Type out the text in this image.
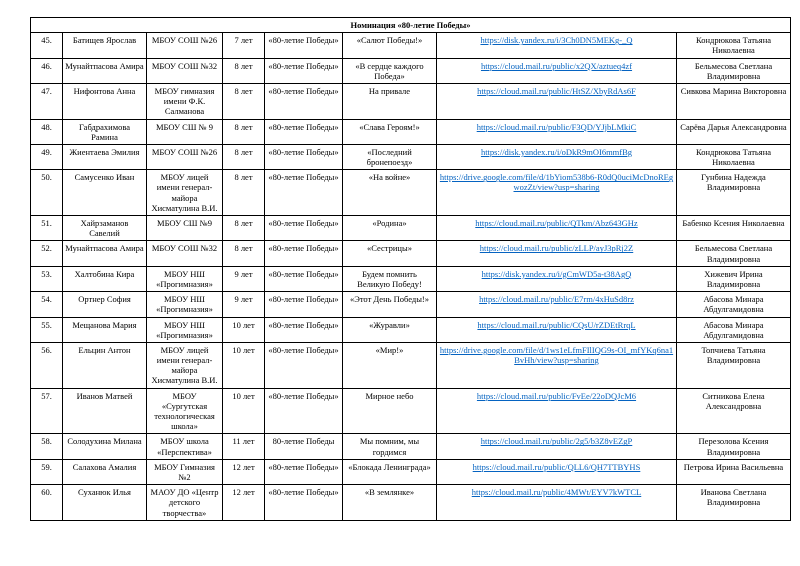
Номинация «80-летие Победы»							
45.	Батищев Ярослав	МБОУ СОШ №26	7 лет	«80-летие Победы»	«Салют Победы!»	https://disk.yandex.ru/i/3Ch0DN5MEKg-_Q	Кондрюкова Татьяна Николаевна
46.	Мунайтпасова Амира	МБОУ СОШ №32	8 лет	«80-летие Победы»	«В сердце каждого Победа»	https://cloud.mail.ru/public/x2QX/aztueq4zf	Бельмесова Светлана Владимировна
47.	Нифонтова Анна	МБОУ гимназия имени Ф.К. Салманова	8 лет	«80-летие Победы»	На привале	https://cloud.mail.ru/public/HtSZ/XbyRdAs6F	Сивкова Марина Викторовна
48.	Габдрахимова Рамина	МБОУ СШ № 9	8 лет	«80-летие Победы»	«Слава Героям!»	https://cloud.mail.ru/public/F3QD/YJjbLMkiC	Сарёва Дарья Александровна
49.	Жиентаева Эмилия	МБОУ СОШ №26	8 лет	«80-летие Победы»	«Последний бронепоезд»	https://disk.yandex.ru/i/oDkR9mOI6mmfBg	Кондрюкова Татьяна Николаевна
50.	Самусенко Иван	МБОУ лицей имени генерал-майора Хисматулина В.И.	8 лет	«80-летие Победы»	«На войне»	https://drive.google.com/file/d/1bYiom538b6-R0dQ0uciMcDnoREgwozZt/view?usp=sharing	Гунбина Надежда Владимировна
51.	Хайрзаманов Савелий	МБОУ СШ №9	8 лет	«80-летие Победы»	«Родина»	https://cloud.mail.ru/public/QTkm/Abz643GHz	Бабенко Ксения Николаевна
52.	Мунайтпасова Амира	МБОУ СОШ №32	8 лет	«80-летие Победы»	«Сестрицы»	https://cloud.mail.ru/public/zLLP/ayJ3pRj2Z	Бельмесова Светлана Владимировна
53.	Халтобина Кира	МБОУ НШ «Прогимназия»	9 лет	«80-летие Победы»	Будем помнить Великую Победу!	https://disk.yandex.ru/i/gCmWD5a-t38AgQ	Хижевич Ирина Владимировна
54.	Ортнер София	МБОУ НШ «Прогимназия»	9 лет	«80-летие Победы»	«Этот День Победы!»	https://cloud.mail.ru/public/E7rm/4xHuSd8rz	Абасова Минара Абдулгамидовна
55.	Мещанова Мария	МБОУ НШ «Прогимназия»	10 лет	«80-летие Победы»	«Журавли»	https://cloud.mail.ru/public/CQsU/rZDEtRrqL	Абасова Минара Абдулгамидовна
56.	Ельцин Антон	МБОУ лицей имени генерал-майора Хисматулина В.И.	10 лет	«80-летие Победы»	«Мир!»	https://drive.google.com/file/d/1ws1eLfmFIlIQG9s-OI_mfYKq6na1BvHh/view?usp=sharing	Топчиева Татьяна Владимировна
57.	Иванов Матвей	МБОУ «Сургутская технологическая школа»	10 лет	«80-летие Победы»	Мирное небо	https://cloud.mail.ru/public/FvEe/22oDQJcM6	Ситникова Елена Александровна
58.	Солодухина Милана	МБОУ школа «Перспектива»	11 лет	80-летие Победы	Мы помним, мы гордимся	https://cloud.mail.ru/public/2g5/b3Z8vEZgP	Перезолова Ксения Владимировна
59.	Салахова Амалия	МБОУ Гимназия №2	12 лет	«80-летие Победы»	«Блокада Ленинграда»	https://cloud.mail.ru/public/QLL6/QH7TTBYHS	Петрова Ирина Васильевна
60.	Суханюк Илья	МАОУ ДО «Центр детского творчества»	12 лет	«80-летие Победы»	«В землянке»	https://cloud.mail.ru/public/4MWt/EYV7kWTCL	Иванова Светлана Владимировна
